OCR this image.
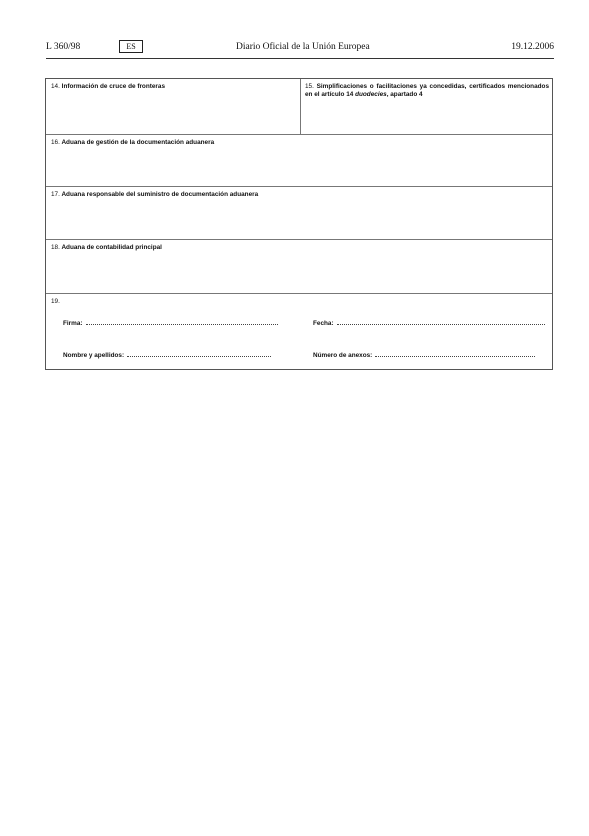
L 360/98	ES	Diario Oficial de la Unión Europea	19.12.2006
14. Información de cruce de fronteras	15. Simplificaciones o facilitaciones ya concedidas, certificados mencionados en el artículo 14 duodecies, apartado 4
16. Aduana de gestión de la documentación aduanera
17. Aduana responsable del suministro de documentación aduanera
18. Aduana de contabilidad principal
19.
Firma:	Fecha:
Nombre y apellidos:	Número de anexos:
